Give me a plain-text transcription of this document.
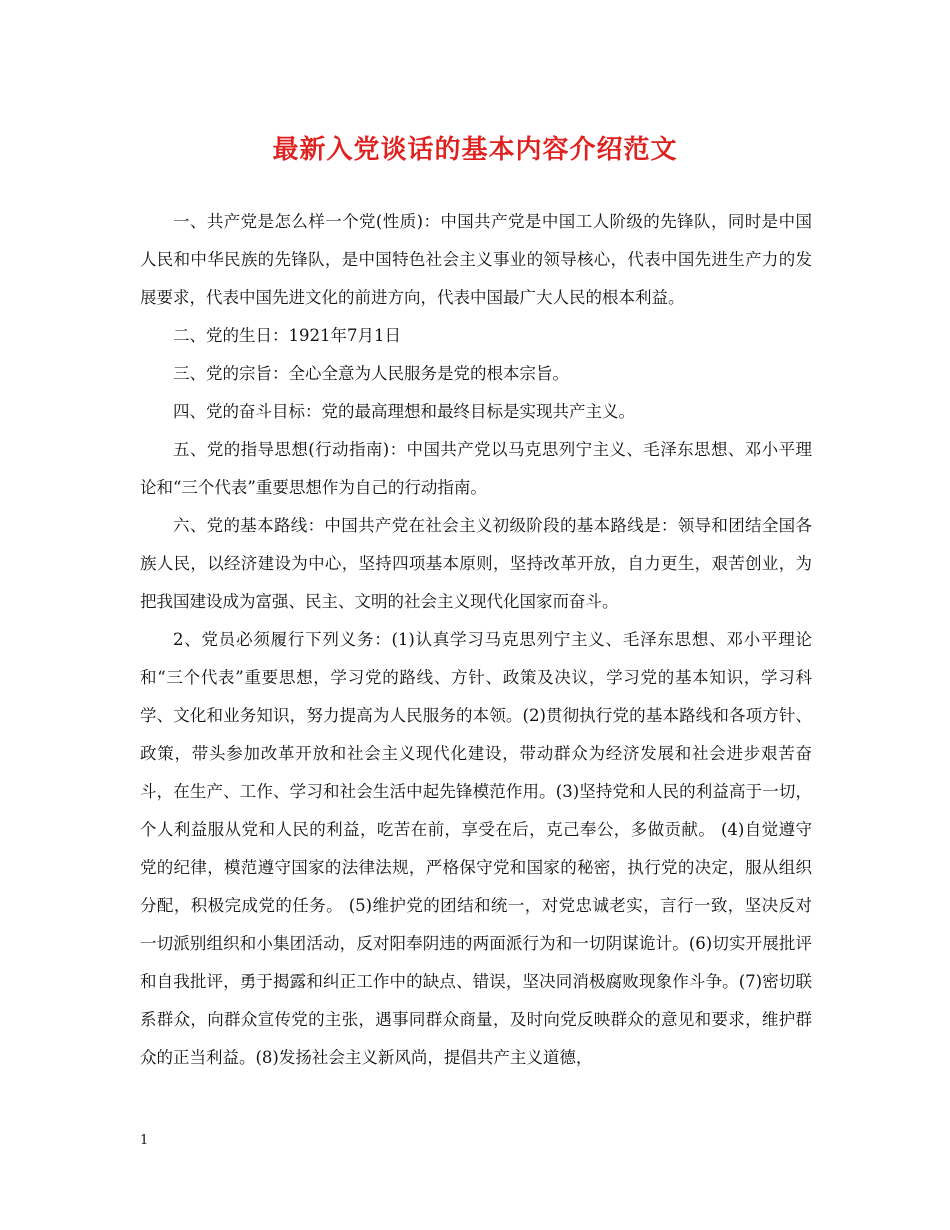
最新入党谈话的基本内容介绍范文

一、共产党是怎么样一个党(性质)：中国共产党是中国工人阶级的先锋队，同时是中国人民和中华民族的先锋队，是中国特色社会主义事业的领导核心，代表中国先进生产力的发展要求，代表中国先进文化的前进方向，代表中国最广大人民的根本利益。

二、党的生日：1921年7月1日

三、党的宗旨：全心全意为人民服务是党的根本宗旨。

四、党的奋斗目标：党的最高理想和最终目标是实现共产主义。

五、党的指导思想(行动指南)：中国共产党以马克思列宁主义、毛泽东思想、邓小平理论和“三个代表”重要思想作为自己的行动指南。

六、党的基本路线：中国共产党在社会主义初级阶段的基本路线是：领导和团结全国各族人民，以经济建设为中心，坚持四项基本原则，坚持改革开放，自力更生，艰苦创业，为把我国建设成为富强、民主、文明的社会主义现代化国家而奋斗。

2、党员必须履行下列义务：(1)认真学习马克思列宁主义、毛泽东思想、邓小平理论和“三个代表”重要思想，学习党的路线、方针、政策及决议，学习党的基本知识，学习科学、文化和业务知识，努力提高为人民服务的本领。(2)贯彻执行党的基本路线和各项方针、政策，带头参加改革开放和社会主义现代化建设，带动群众为经济发展和社会进步艰苦奋斗，在生产、工作、学习和社会生活中起先锋模范作用。(3)坚持党和人民的利益高于一切，个人利益服从党和人民的利益，吃苦在前，享受在后，克己奉公，多做贡献。 (4)自觉遵守党的纪律，模范遵守国家的法律法规，严格保守党和国家的秘密，执行党的决定，服从组织分配，积极完成党的任务。 (5)维护党的团结和统一，对党忠诚老实，言行一致，坚决反对一切派别组织和小集团活动，反对阳奉阴违的两面派行为和一切阴谋诡计。(6)切实开展批评和自我批评，勇于揭露和纠正工作中的缺点、错误，坚决同消极腐败现象作斗争。(7)密切联系群众，向群众宣传党的主张，遇事同群众商量，及时向党反映群众的意见和要求，维护群众的正当利益。(8)发扬社会主义新风尚，提倡共产主义道德，

1
